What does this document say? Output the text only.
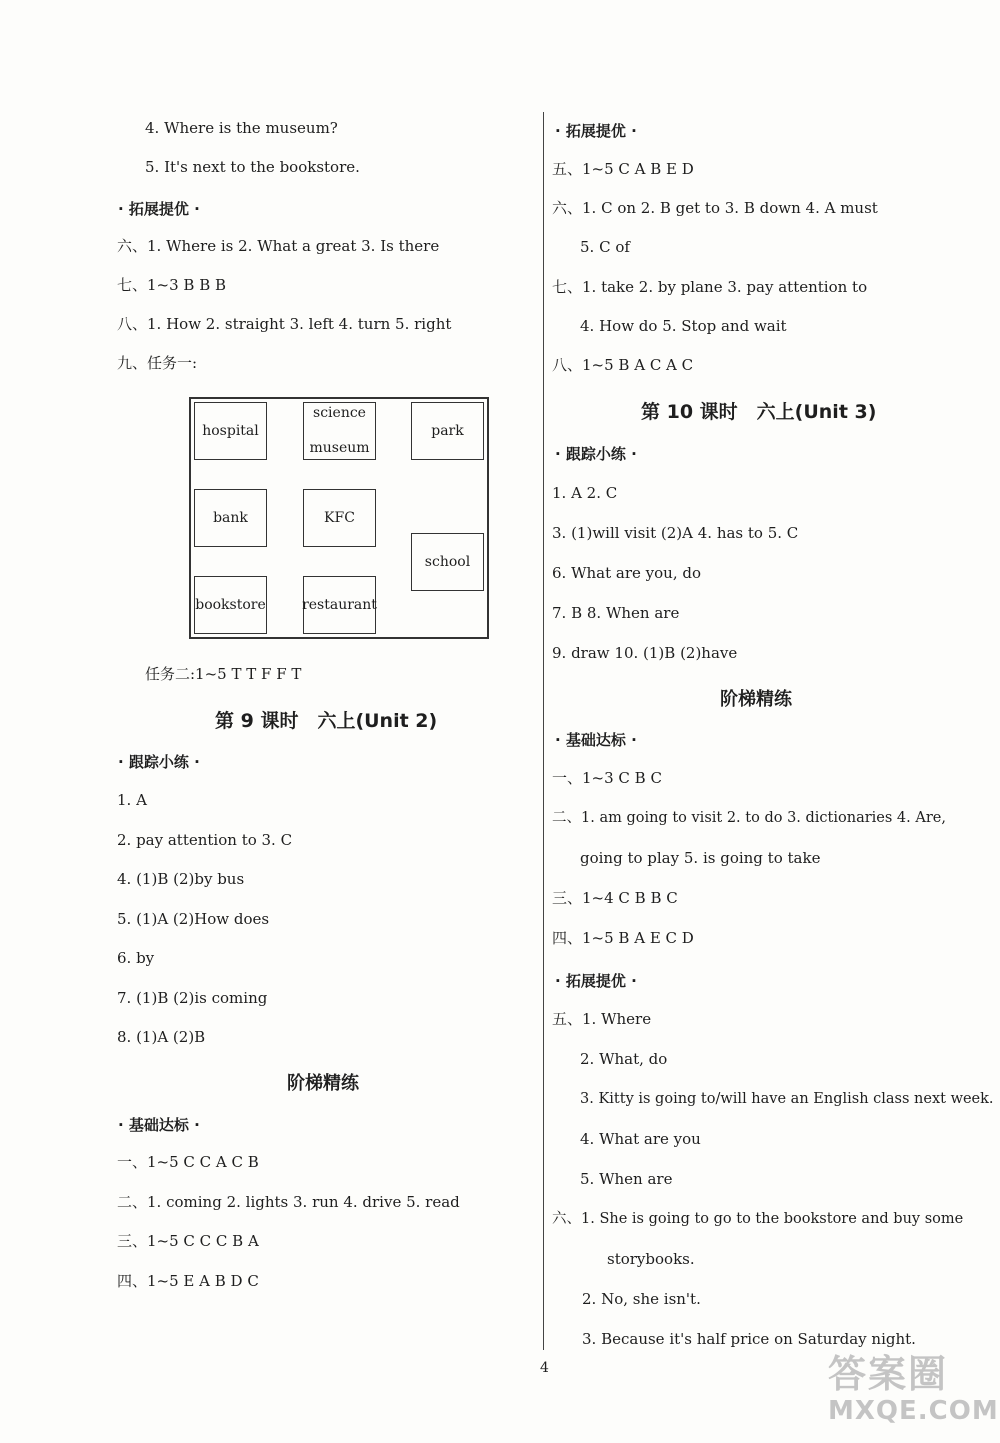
4. Where is the museum?
5. It's next to the bookstore.
· 拓展提优 ·
六、1. Where is 2. What a great 3. Is there
七、1~3 B B B
八、1. How 2. straight 3. left 4. turn 5. right
九、任务一:
hospital
science
museum
park
bank	KFC
school
bookstore	restaurant
任务二:1~5 T T F F T
第 9 课时　六上(Unit 2)
· 跟踪小练 ·
1. A
2. pay attention to 3. C
4. (1)B (2)by bus
5. (1)A (2)How does
6. by
7. (1)B (2)is coming
8. (1)A (2)B
阶梯精练
· 基础达标 ·
一、1~5 C C A C B
二、1. coming 2. lights 3. run 4. drive 5. read
三、1~5 C C C B A
四、1~5 E A B D C
· 拓展提优 ·
五、1~5 C A B E D
六、1. C on 2. B get to 3. B down 4. A must
5. C of
七、1. take 2. by plane 3. pay attention to
4. How do 5. Stop and wait
八、1~5 B A C A C
第 10 课时　六上(Unit 3)
· 跟踪小练 ·
1. A 2. C
3. (1)will visit (2)A 4. has to 5. C
6. What are you, do
7. B 8. When are
9. draw 10. (1)B (2)have
阶梯精练
· 基础达标 ·
一、1~3 C B C
二、1. am going to visit 2. to do 3. dictionaries 4. Are,
going to play 5. is going to take
三、1~4 C B B C
四、1~5 B A E C D
· 拓展提优 ·
五、1. Where
2. What, do
3. Kitty is going to/will have an English class next week.
4. What are you
5. When are
六、1. She is going to go to the bookstore and buy some
storybooks.
2. No, she isn't.
3. Because it's half price on Saturday night.
4	答案圈
MXQE.COM
